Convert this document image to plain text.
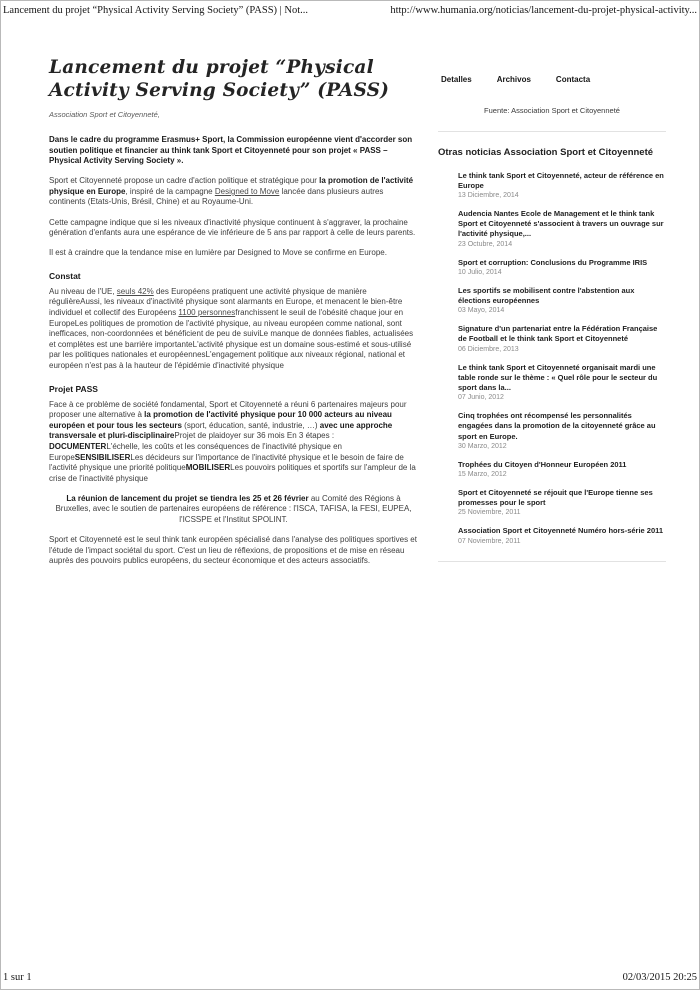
Lancement du projet “Physical Activity Serving Society” (PASS) | Not...	http://www.humania.org/noticias/lancement-du-projet-physical-activity...
Lancement du projet “Physical Activity Serving Society” (PASS)

Association Sport et Citoyenneté,

Dans le cadre du programme Erasmus+ Sport, la Commission européenne vient d'accorder son soutien politique et financier au think tank Sport et Citoyenneté pour son projet « PASS – Physical Activity Serving Society ».

Sport et Citoyenneté propose un cadre d'action politique et stratégique pour la promotion de l'activité physique en Europe, inspiré de la campagne Designed to Move lancée dans plusieurs autres continents (Etats-Unis, Brésil, Chine) et au Royaume-Uni.

Cette campagne indique que si les niveaux d'inactivité physique continuent à s'aggraver, la prochaine génération d'enfants aura une espérance de vie inférieure de 5 ans par rapport à celle de leurs parents.

Il est à craindre que la tendance mise en lumière par Designed to Move se confirme en Europe.

Constat

Au niveau de l'UE, seuls 42% des Européens pratiquent une activité physique de manière régulièreAussi, les niveaux d'inactivité physique sont alarmants en Europe, et menacent le bien-être individuel et collectif des Européens 1100 personnesfranchissent le seuil de l'obésité chaque jour en EuropeLes politiques de promotion de l'activité physique, au niveau européen comme national, sont inefficaces, non-coordonnées et bénéficient de peu de suiviLe manque de données fiables, actualisées et complètes est une barrière importanteL'activité physique est un domaine sous-estimé et sous-utilisé par les politiques nationales et européennesL'engagement politique aux niveaux régional, national et européen n'est pas à la hauteur de l'épidémie d'inactivité physique

Projet PASS

Face à ce problème de société fondamental, Sport et Citoyenneté a réuni 6 partenaires majeurs pour proposer une alternative à la promotion de l'activité physique pour 10 000 acteurs au niveau européen et pour tous les secteurs (sport, éducation, santé, industrie, …) avec une approche transversale et pluri-disciplinaireProjet de plaidoyer sur 36 mois En 3 étapes : DOCUMENTERL'échelle, les coûts et les conséquences de l'inactivité physique en EuropeSENSIBILISERLes décideurs sur l'importance de l'inactivité physique et le besoin de faire de l'activité physique une priorité politiqueMOBILISERLes pouvoirs politiques et sportifs sur l'ampleur de la crise de l'inactivité physique

La réunion de lancement du projet se tiendra les 25 et 26 février au Comité des Régions à Bruxelles, avec le soutien de partenaires européens de référence : l'ISCA, TAFISA, la FESI, EUPEA, l'ICSSPE et l'Institut SPOLINT.

Sport et Citoyenneté est le seul think tank européen spécialisé dans l'analyse des politiques sportives et l'étude de l'impact sociétal du sport. C'est un lieu de réflexions, de propositions et de mise en réseau auprès des pouvoirs publics européens, du secteur économique et des acteurs associatifs.

Detalles	Archivos	Contacta

Fuente: Association Sport et Citoyenneté

Otras noticias Association Sport et Citoyenneté
Le think tank Sport et Citoyenneté, acteur de référence en Europe
13 Diciembre, 2014
Audencia Nantes Ecole de Management et le think tank Sport et Citoyenneté s'associent à travers un ouvrage sur l'activité physique,...
23 Octubre, 2014
Sport et corruption: Conclusions du Programme IRIS
10 Julio, 2014
Les sportifs se mobilisent contre l'abstention aux élections européennes
03 Mayo, 2014
Signature d'un partenariat entre la Fédération Française de Football et le think tank Sport et Citoyenneté
06 Diciembre, 2013
Le think tank Sport et Citoyenneté organisait mardi une table ronde sur le thème : « Quel rôle pour le secteur du sport dans la...
07 Junio, 2012
Cinq trophées ont récompensé les personnalités engagées dans la promotion de la citoyenneté grâce au sport en Europe.
30 Marzo, 2012
Trophées du Citoyen d'Honneur Européen 2011
15 Marzo, 2012
Sport et Citoyenneté se réjouit que l'Europe tienne ses promesses pour le sport
25 Noviembre, 2011
Association Sport et Citoyenneté Numéro hors-série 2011
07 Noviembre, 2011
1 sur 1	02/03/2015 20:25
